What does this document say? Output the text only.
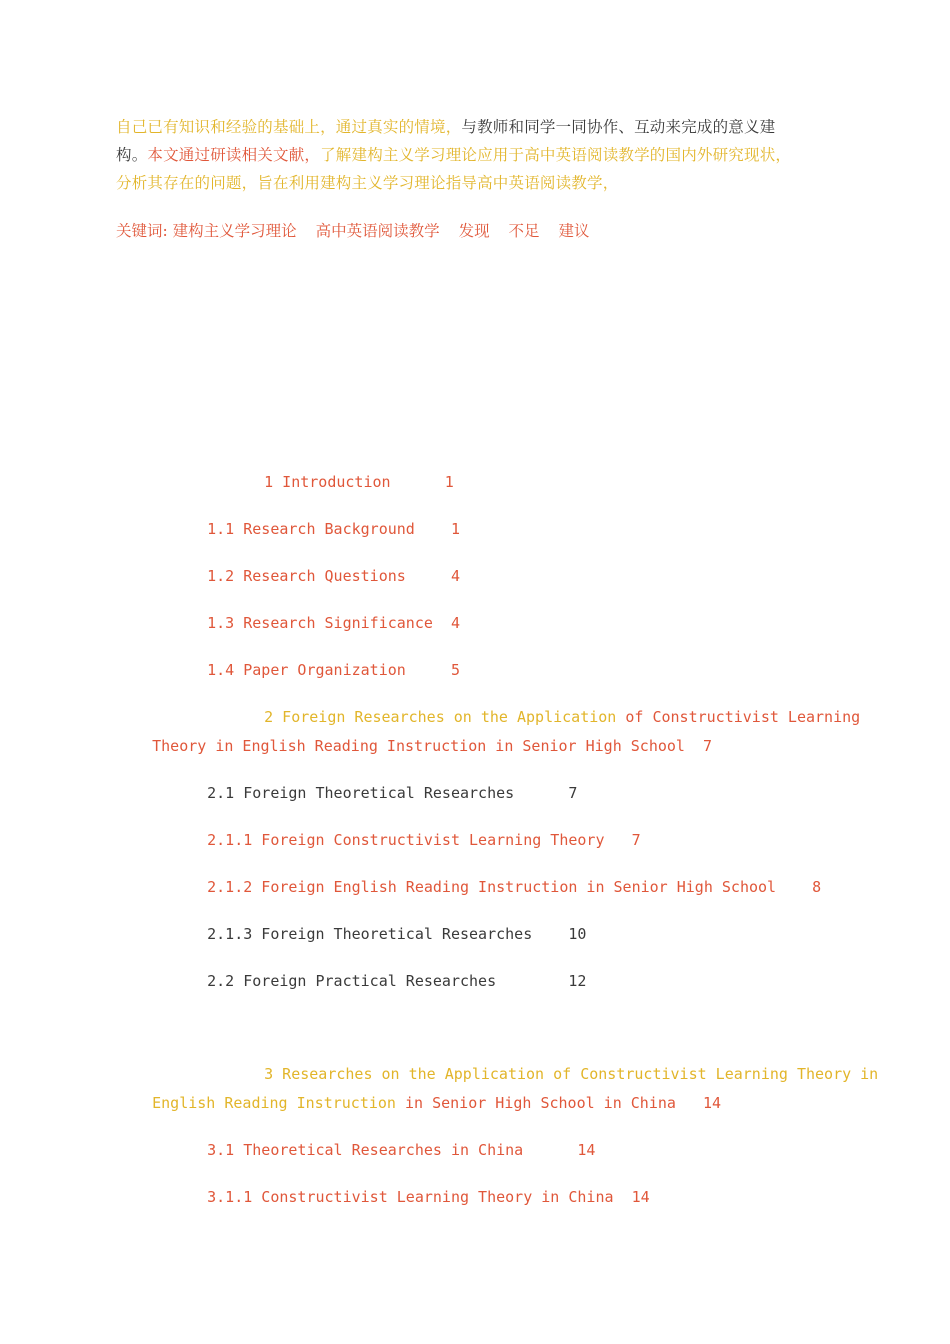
自己已有知识和经验的基础上，通过真实的情境，与教师和同学一同协作、互动来完成的意义建
构。本文通过研读相关文献，了解建构主义学习理论应用于高中英语阅读教学的国内外研究现状，
分析其存在的问题，旨在利用建构主义学习理论指导高中英语阅读教学，
关键词: 建构主义学习理论 高中英语阅读教学 发现 不足 建议

1 Introduction      1

1.1 Research Background    1

1.2 Research Questions     4

1.3 Research Significance  4

1.4 Paper Organization     5

2 Foreign Researches on the Application of Constructivist Learning

Theory in English Reading Instruction in Senior High School  7

2.1 Foreign Theoretical Researches      7

2.1.1 Foreign Constructivist Learning Theory   7

2.1.2 Foreign English Reading Instruction in Senior High School    8

2.1.3 Foreign Theoretical Researches    10

2.2 Foreign Practical Researches        12

3 Researches on the Application of Constructivist Learning Theory in

English Reading Instruction in Senior High School in China   14

3.1 Theoretical Researches in China      14

3.1.1 Constructivist Learning Theory in China  14
